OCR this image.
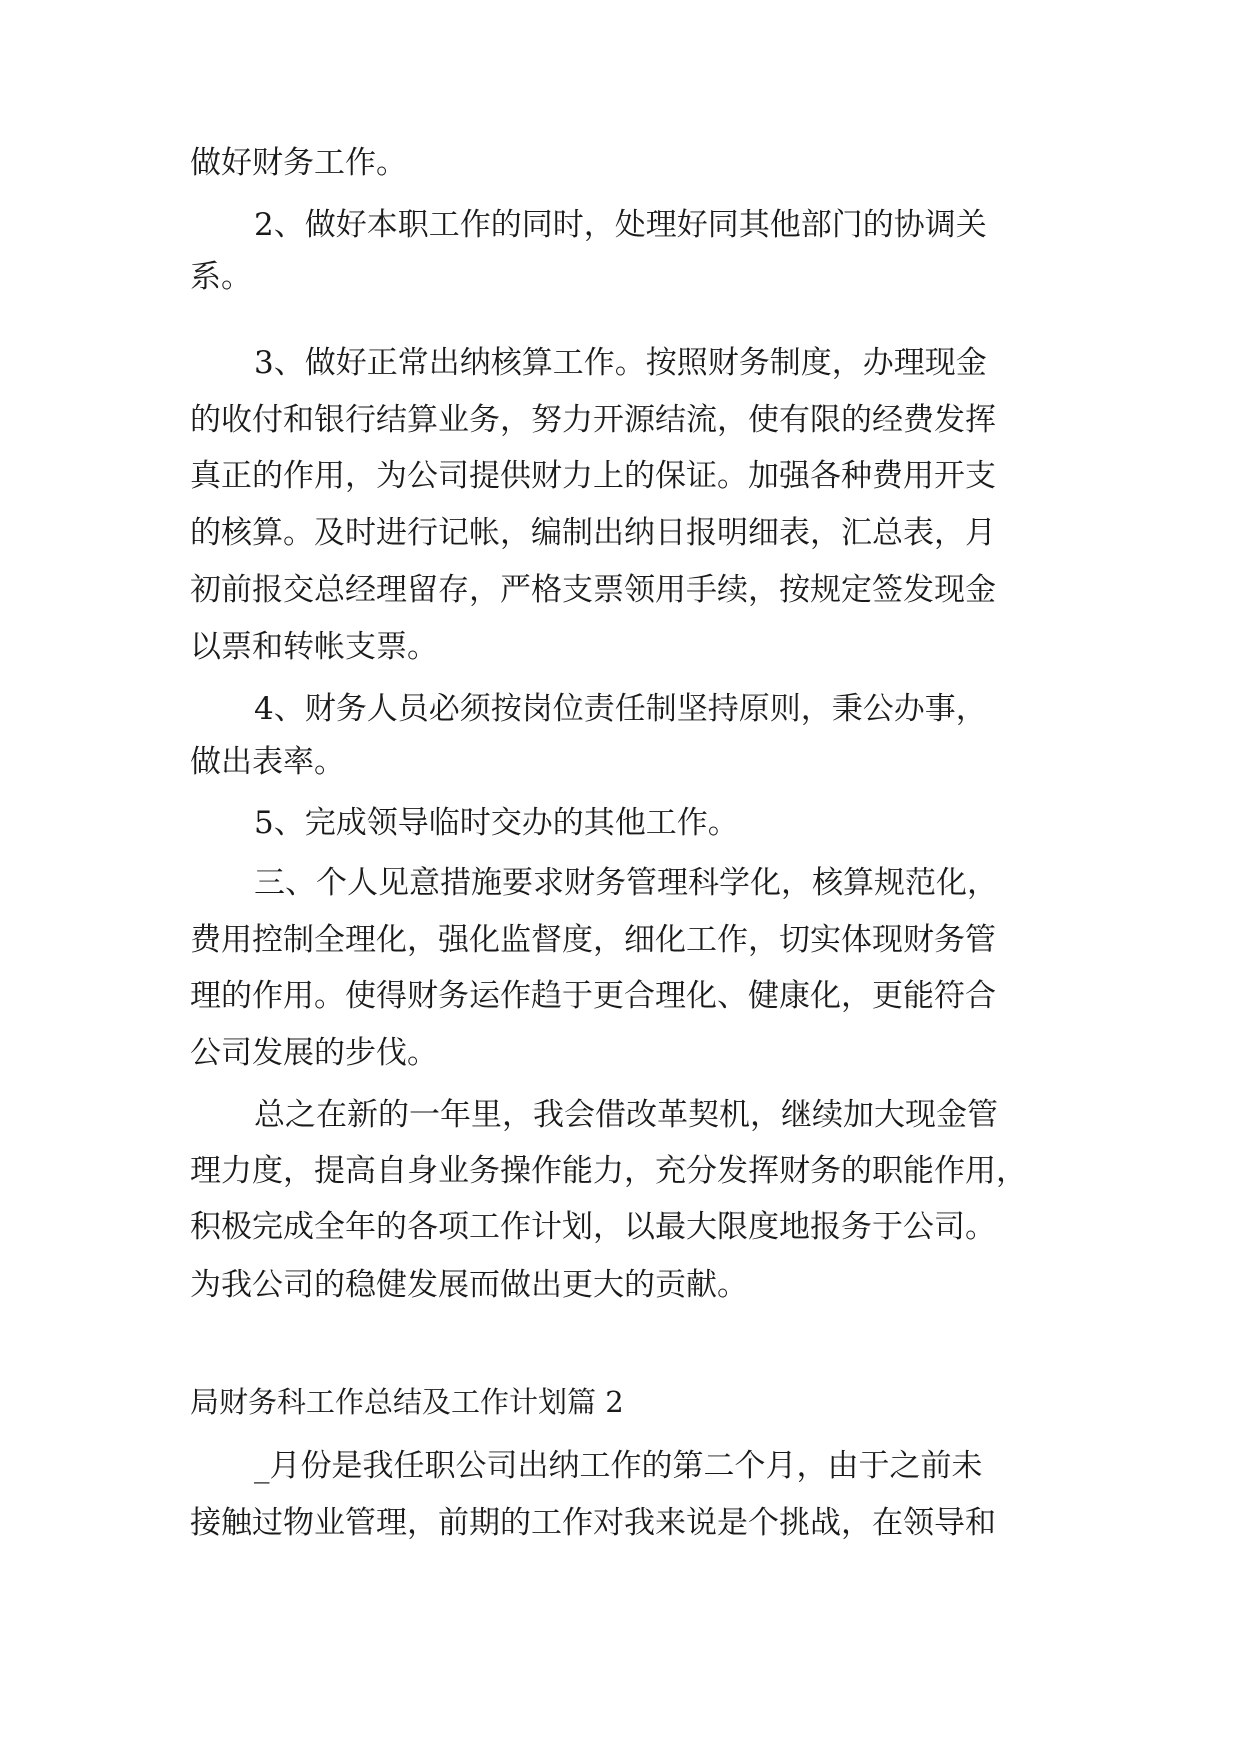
做好财务工作。
2、做好本职工作的同时，处理好同其他部门的协调关
系。
3、做好正常出纳核算工作。按照财务制度，办理现金
的收付和银行结算业务，努力开源结流，使有限的经费发挥
真正的作用，为公司提供财力上的保证。加强各种费用开支
的核算。及时进行记帐，编制出纳日报明细表，汇总表，月
初前报交总经理留存，严格支票领用手续，按规定签发现金
以票和转帐支票。
4、财务人员必须按岗位责任制坚持原则，秉公办事，
做出表率。
5、完成领导临时交办的其他工作。
三、个人见意措施要求财务管理科学化，核算规范化，
费用控制全理化，强化监督度，细化工作，切实体现财务管
理的作用。使得财务运作趋于更合理化、健康化，更能符合
公司发展的步伐。
总之在新的一年里，我会借改革契机，继续加大现金管
理力度，提高自身业务操作能力，充分发挥财务的职能作用，
积极完成全年的各项工作计划，以最大限度地报务于公司。
为我公司的稳健发展而做出更大的贡献。
局财务科工作总结及工作计划篇 2
_月份是我任职公司出纳工作的第二个月，由于之前未
接触过物业管理，前期的工作对我来说是个挑战，在领导和
